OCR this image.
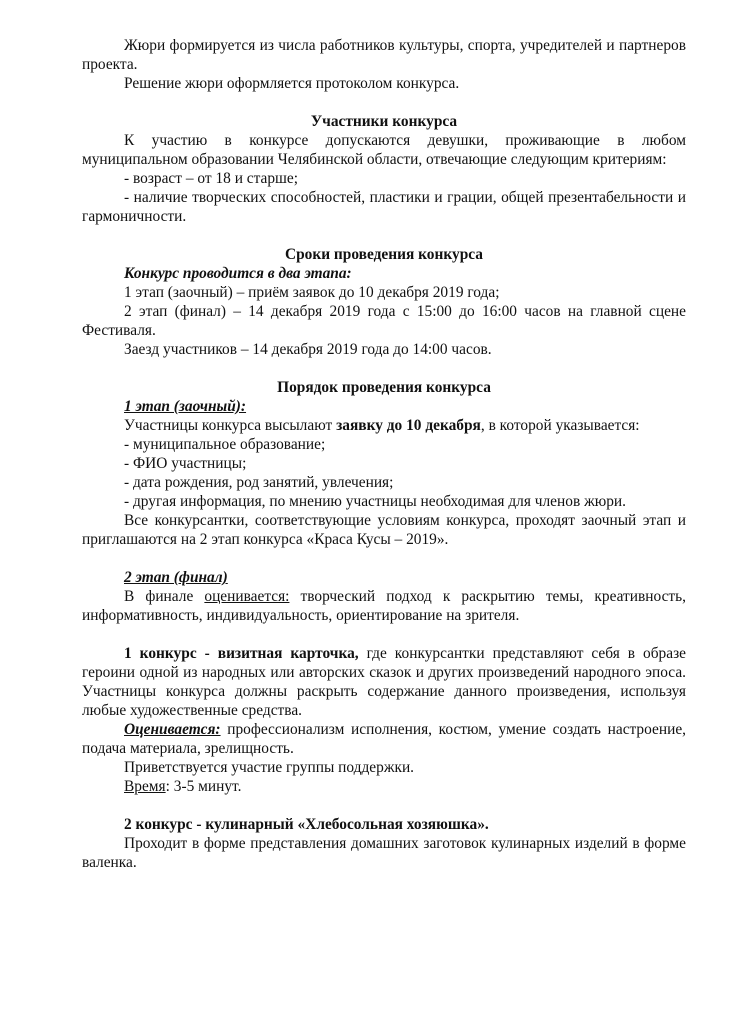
Жюри формируется из числа работников культуры, спорта, учредителей и партнеров проекта.

Решение жюри оформляется протоколом конкурса.

Участники конкурса

К участию в конкурсе допускаются девушки, проживающие в любом муниципальном образовании Челябинской области, отвечающие следующим критериям:

- возраст – от 18 и старше;

- наличие творческих способностей, пластики и грации, общей презентабельности и гармоничности.

Сроки проведения конкурса

Конкурс проводится в два этапа:

1 этап (заочный) – приём заявок до 10 декабря 2019 года;

2 этап (финал) – 14 декабря 2019 года с 15:00 до 16:00 часов на главной сцене Фестиваля.

Заезд участников – 14 декабря 2019 года до 14:00 часов.

Порядок проведения конкурса

1 этап (заочный):

Участницы конкурса высылают заявку до 10 декабря, в которой указывается:

- муниципальное образование;

- ФИО участницы;

- дата рождения, род занятий, увлечения;

- другая информация, по мнению участницы необходимая для членов жюри.

Все конкурсантки, соответствующие условиям конкурса, проходят заочный этап и приглашаются на 2 этап конкурса «Краса Кусы – 2019».

2 этап (финал)

В финале оценивается: творческий подход к раскрытию темы, креативность, информативность, индивидуальность, ориентирование на зрителя.

1 конкурс - визитная карточка, где конкурсантки представляют себя в образе героини одной из народных или авторских сказок и других произведений народного эпоса. Участницы конкурса должны раскрыть содержание данного произведения, используя любые художественные средства.

Оценивается: профессионализм исполнения, костюм, умение создать настроение, подача материала, зрелищность.

Приветствуется участие группы поддержки.

Время: 3-5 минут.

2 конкурс - кулинарный «Хлебосольная хозяюшка».

Проходит в форме представления домашних заготовок кулинарных изделий в форме валенка.
